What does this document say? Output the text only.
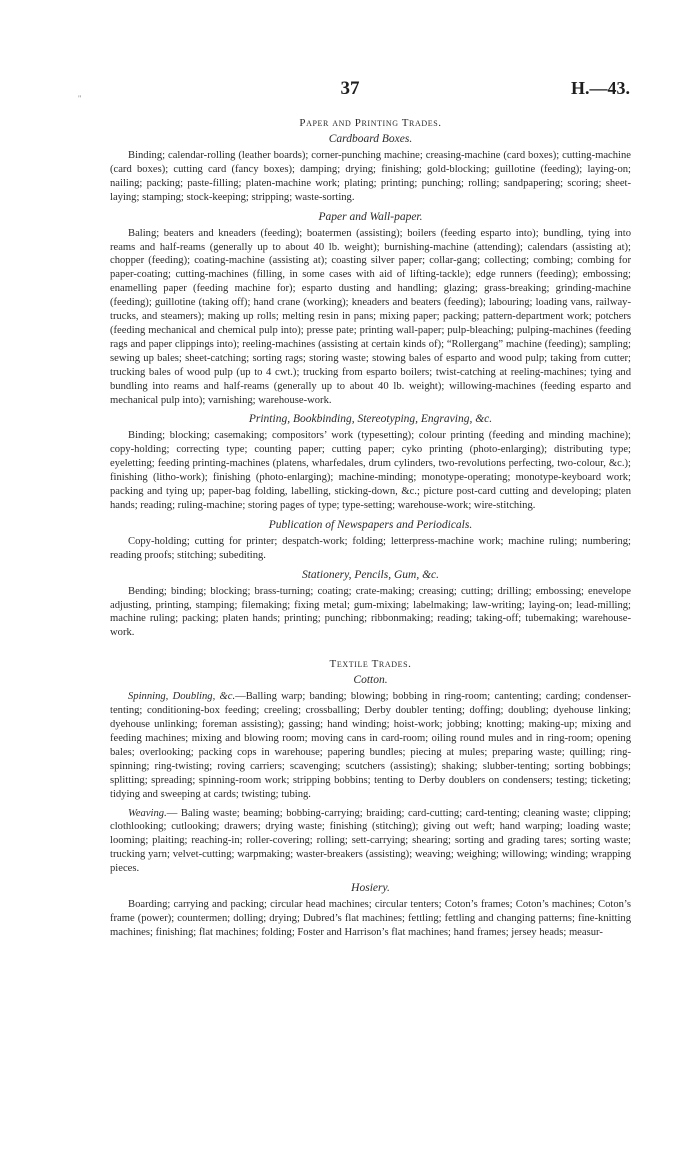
"	37	H.—43.
Paper and Printing Trades.
Cardboard Boxes.

Binding; calendar-rolling (leather boards); corner-punching machine; creasing-machine (card boxes); cutting-machine (card boxes); cutting card (fancy boxes); damping; drying; finishing; gold-blocking; guillotine (feeding); laying-on; nailing; packing; paste-filling; platen-machine work; plating; printing; punching; rolling; sandpapering; scoring; sheet-laying; stamping; stock-keeping; stripping; waste-sorting.

Paper and Wall-paper.

Baling; beaters and kneaders (feeding); boatermen (assisting); boilers (feeding esparto into); bundling, tying into reams and half-reams (generally up to about 40 lb. weight); burnishing-machine (attending); calendars (assisting at); chopper (feeding); coating-machine (assisting at); coasting silver paper; collar-gang; collecting; combing; combing for paper-coating; cutting-machines (filling, in some cases with aid of lifting-tackle); edge runners (feeding); embossing; enamelling paper (feeding machine for); esparto dusting and handling; glazing; grass-breaking; grinding-machine (feeding); guillotine (taking off); hand crane (working); kneaders and beaters (feeding); labouring; loading vans, railway-trucks, and steamers); making up rolls; melting resin in pans; mixing paper; packing; pattern-department work; potchers (feeding mechanical and chemical pulp into); presse pate; printing wall-paper; pulp-bleaching; pulping-machines (feeding rags and paper clippings into); reeling-machines (assisting at certain kinds of); “Rollergang” machine (feeding); sampling; sewing up bales; sheet-catching; sorting rags; storing waste; stowing bales of esparto and wood pulp; taking from cutter; trucking bales of wood pulp (up to 4 cwt.); trucking from esparto boilers; twist-catching at reeling-machines; tying and bundling into reams and half-reams (generally up to about 40 lb. weight); willowing-machines (feeding esparto and mechanical pulp into); varnishing; warehouse-work.

Printing, Bookbinding, Stereotyping, Engraving, &c.

Binding; blocking; casemaking; compositors’ work (typesetting); colour printing (feeding and minding machine); copy-holding; correcting type; counting paper; cutting paper; cyko printing (photo-enlarging); distributing type; eyeletting; feeding printing-machines (platens, wharfedales, drum cylinders, two-revolutions perfecting, two-colour, &c.); finishing (litho-work); finishing (photo-enlarging); machine-minding; monotype-operating; monotype-keyboard work; packing and tying up; paper-bag folding, labelling, sticking-down, &c.; picture post-card cutting and developing; platen hands; reading; ruling-machine; storing pages of type; type-setting; warehouse-work; wire-stitching.

Publication of Newspapers and Periodicals.

Copy-holding; cutting for printer; despatch-work; folding; letterpress-machine work; machine ruling; numbering; reading proofs; stitching; subediting.

Stationery, Pencils, Gum, &c.

Bending; binding; blocking; brass-turning; coating; crate-making; creasing; cutting; drilling; embossing; enevelope adjusting, printing, stamping; filemaking; fixing metal; gum-mixing; labelmaking; law-writing; laying-on; lead-milling; machine ruling; packing; platen hands; printing; punching; ribbonmaking; reading; taking-off; tubemaking; warehouse-work.

Textile Trades.
Cotton.

Spinning, Doubling, &c.—Balling warp; banding; blowing; bobbing in ring-room; cantenting; carding; condenser-tenting; conditioning-box feeding; creeling; crossballing; Derby doubler tenting; doffing; doubling; dyehouse linking; dyehouse unlinking; foreman assisting); gassing; hand winding; hoist-work; jobbing; knotting; making-up; mixing and feeding machines; mixing and blowing room; moving cans in card-room; oiling round mules and in ring-room; opening bales; overlooking; packing cops in warehouse; papering bundles; piecing at mules; preparing waste; quilling; ring-spinning; ring-twisting; roving carriers; scavenging; scutchers (assisting); shaking; slubber-tenting; sorting bobbings; splitting; spreading; spinning-room work; stripping bobbins; tenting to Derby doublers on condensers; testing; ticketing; tidying and sweeping at cards; twisting; tubing.

Weaving.— Baling waste; beaming; bobbing-carrying; braiding; card-cutting; card-tenting; cleaning waste; clipping; clothlooking; cutlooking; drawers; drying waste; finishing (stitching); giving out weft; hand warping; loading waste; looming; plaiting; reaching-in; roller-covering; rolling; sett-carrying; shearing; sorting and grading tares; sorting waste; trucking yarn; velvet-cutting; warpmaking; waster-breakers (assisting); weaving; weighing; willowing; winding; wrapping pieces.

Hosiery.

Boarding; carrying and packing; circular head machines; circular tenters; Coton’s frames; Coton’s machines; Coton’s frame (power); countermen; dolling; drying; Dubred’s flat machines; fettling; fettling and changing patterns; fine-knitting machines; finishing; flat machines; folding; Foster and Harrison’s flat machines; hand frames; jersey heads; measur-
